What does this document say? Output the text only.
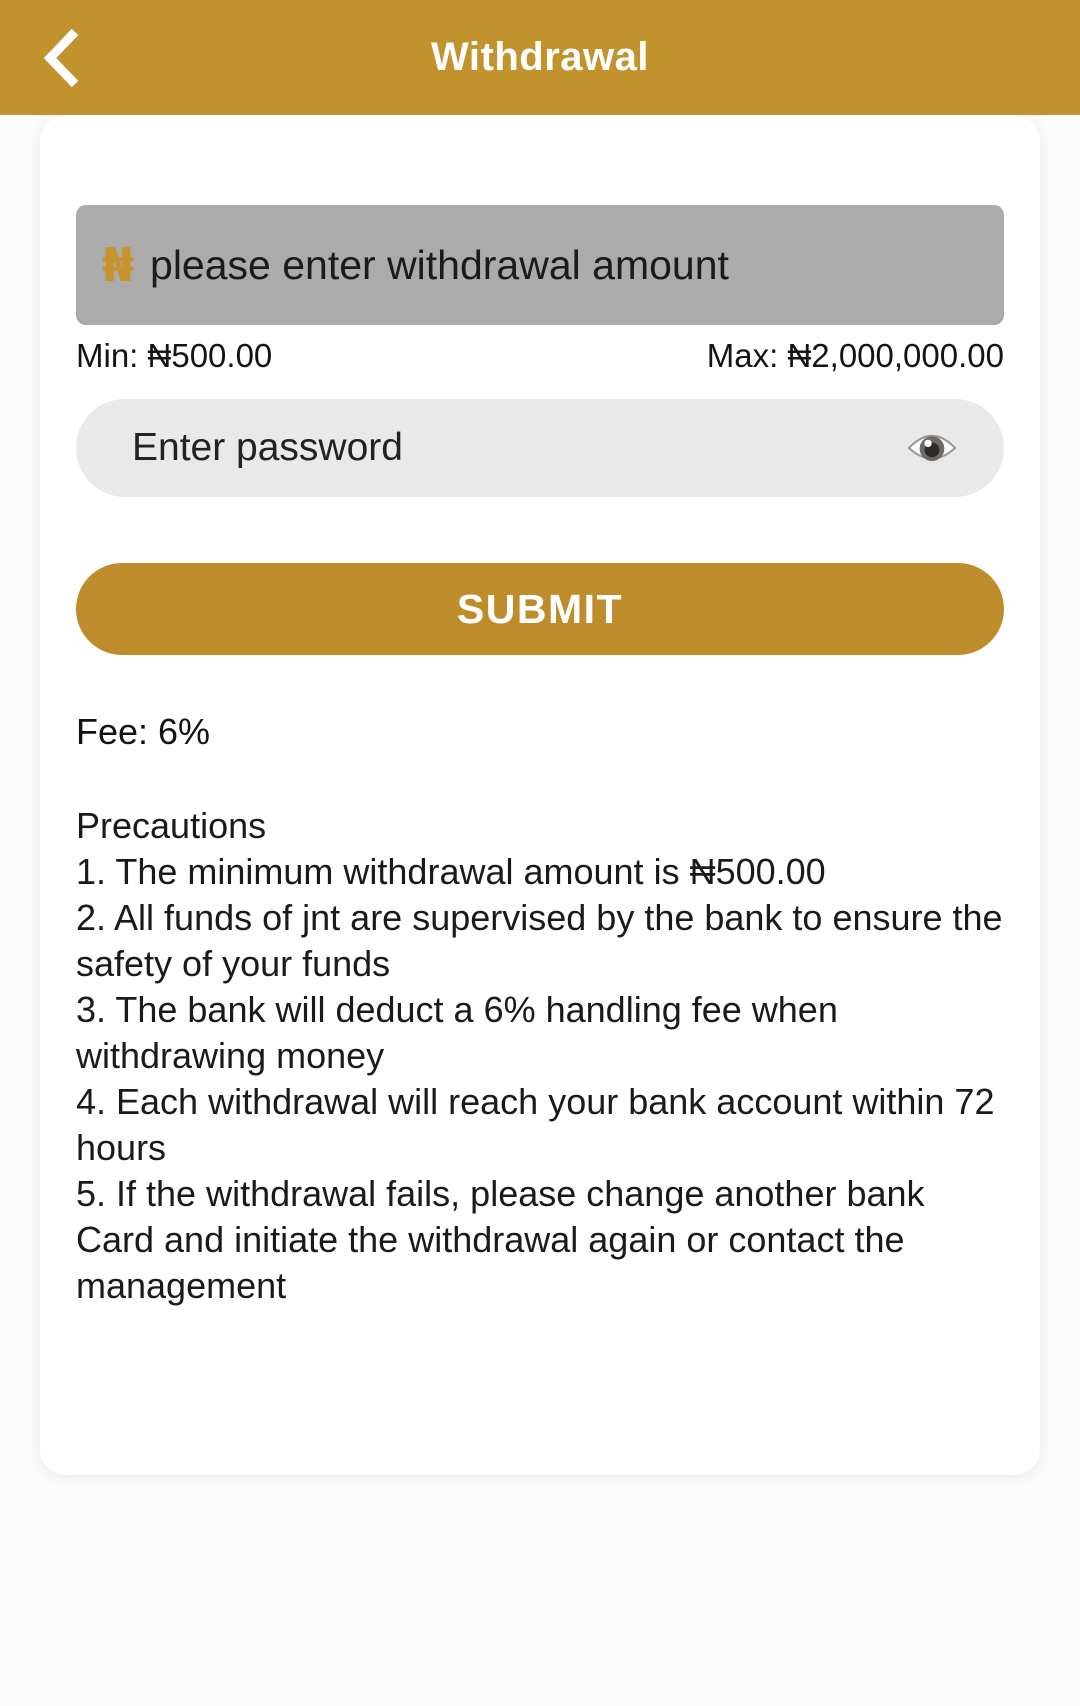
Withdrawal
₦
please enter withdrawal amount
Min: ₦500.00	Max: ₦2,000,000.00
Enter password
SUBMIT
Fee: 6%

Precautions

1. The minimum withdrawal amount is ₦500.00

2. All funds of jnt are supervised by the bank to ensure the safety of your funds

3. The bank will deduct a 6% handling fee when withdrawing money

4. Each withdrawal will reach your bank account within 72 hours

5. If the withdrawal fails, please change another bank Card and initiate the withdrawal again or contact the management
